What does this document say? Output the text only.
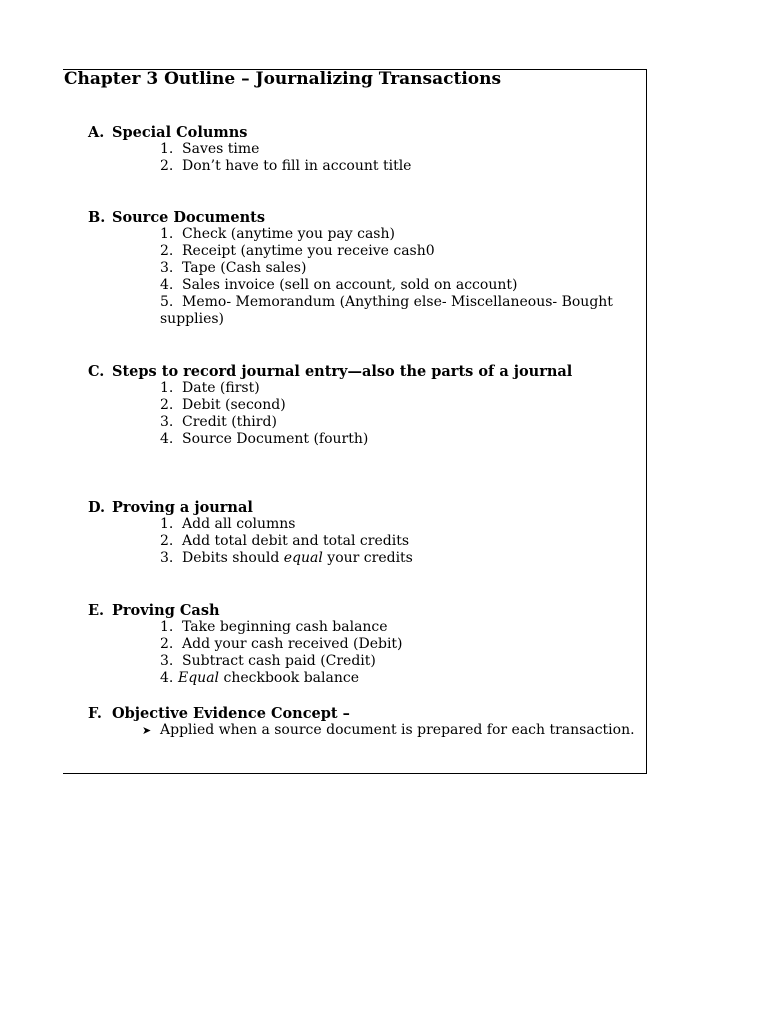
Chapter 3 Outline – Journalizing Transactions
A. Special Columns
1. Saves time
2. Don’t have to fill in account title
B. Source Documents
1. Check (anytime you pay cash)
2. Receipt (anytime you receive cash0
3. Tape (Cash sales)
4. Sales invoice (sell on account, sold on account)
5. Memo- Memorandum (Anything else- Miscellaneous- Bought supplies)
C. Steps to record journal entry—also the parts of a journal
1. Date (first)
2. Debit (second)
3. Credit (third)
4. Source Document (fourth)
D. Proving a journal
1. Add all columns
2. Add total debit and total credits
3. Debits should equal your credits
E. Proving Cash
1. Take beginning cash balance
2. Add your cash received (Debit)
3. Subtract cash paid (Credit)
4. Equal checkbook balance
F. Objective Evidence Concept –
➤ Applied when a source document is prepared for each transaction.
